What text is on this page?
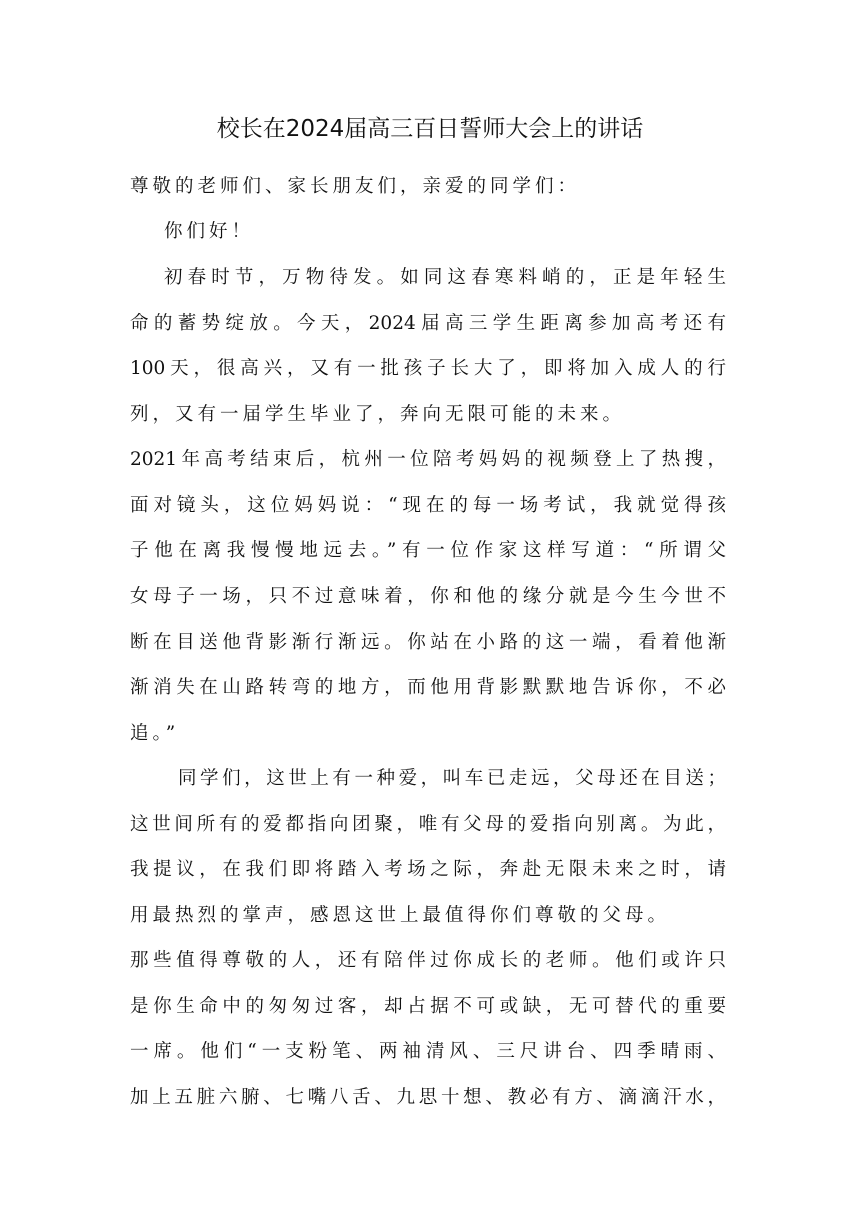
校长在2024届高三百日誓师大会上的讲话
尊敬的老师们、家长朋友们，亲爱的同学们：
你们好！
初春时节，万物待发。如同这春寒料峭的，正是年轻生
命的蓄势绽放。今天，2024届高三学生距离参加高考还有
100天，很高兴，又有一批孩子长大了，即将加入成人的行
列，又有一届学生毕业了，奔向无限可能的未来。
2021年高考结束后，杭州一位陪考妈妈的视频登上了热搜，
面对镜头，这位妈妈说：“现在的每一场考试，我就觉得孩
子他在离我慢慢地远去。”有一位作家这样写道：“所谓父
女母子一场，只不过意味着，你和他的缘分就是今生今世不
断在目送他背影渐行渐远。你站在小路的这一端，看着他渐
渐消失在山路转弯的地方，而他用背影默默地告诉你，不必
追。”
同学们，这世上有一种爱，叫车已走远，父母还在目送；
这世间所有的爱都指向团聚，唯有父母的爱指向别离。为此，
我提议，在我们即将踏入考场之际，奔赴无限未来之时，请
用最热烈的掌声，感恩这世上最值得你们尊敬的父母。
那些值得尊敬的人，还有陪伴过你成长的老师。他们或许只
是你生命中的匆匆过客，却占据不可或缺，无可替代的重要
一席。他们“一支粉笔、两袖清风、三尺讲台、四季晴雨、
加上五脏六腑、七嘴八舌、九思十想、教必有方、滴滴汗水，
